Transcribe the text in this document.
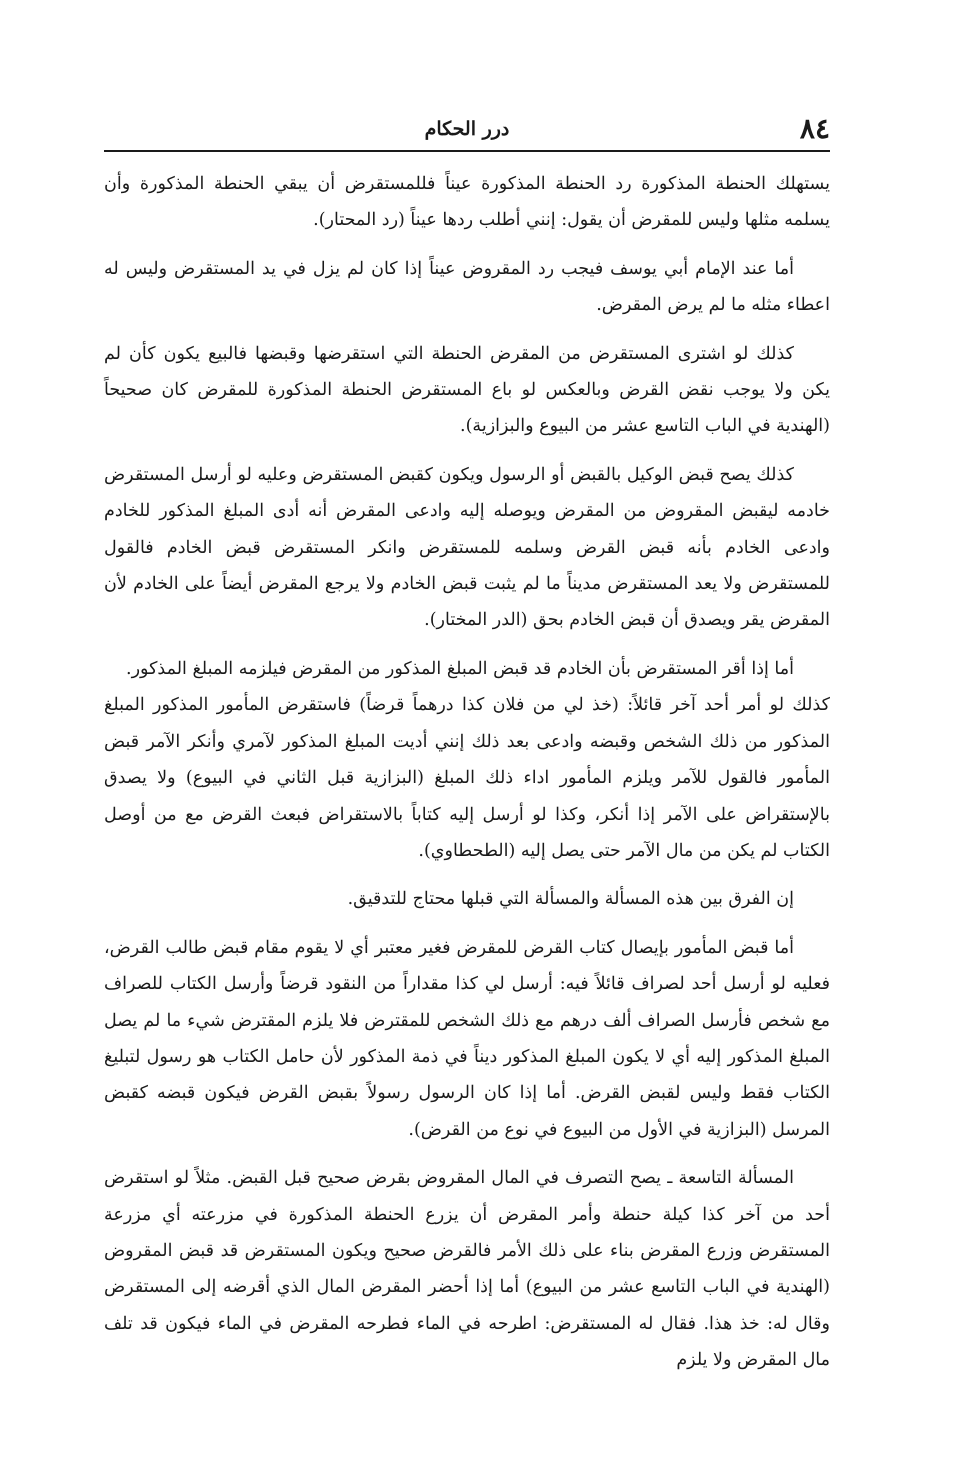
٨٤
درر الحكام

يستهلك الحنطة المذكورة رد الحنطة المذكورة عيناً فللمستقرض أن يبقي الحنطة المذكورة وأن يسلمه مثلها وليس للمقرض أن يقول: إنني أطلب ردها عيناً (رد المحتار).

أما عند الإمام أبي يوسف فيجب رد المقروض عيناً إذا كان لم يزل في يد المستقرض وليس له اعطاء مثله ما لم يرض المقرض.

كذلك لو اشترى المستقرض من المقرض الحنطة التي استقرضها وقبضها فالبيع يكون كأن لم يكن ولا يوجب نقض القرض وبالعكس لو باع المستقرض الحنطة المذكورة للمقرض كان صحيحاً (الهندية في الباب التاسع عشر من البيوع والبزازية).

كذلك يصح قبض الوكيل بالقبض أو الرسول ويكون كقبض المستقرض وعليه لو أرسل المستقرض خادمه ليقبض المقروض من المقرض ويوصله إليه وادعى المقرض أنه أدى المبلغ المذكور للخادم وادعى الخادم بأنه قبض القرض وسلمه للمستقرض وانكر المستقرض قبض الخادم فالقول للمستقرض ولا يعد المستقرض مديناً ما لم يثبت قبض الخادم ولا يرجع المقرض أيضاً على الخادم لأن المقرض يقر ويصدق أن قبض الخادم بحق (الدر المختار).

أما إذا أقر المستقرض بأن الخادم قد قبض المبلغ المذكور من المقرض فيلزمه المبلغ المذكور.

كذلك لو أمر أحد آخر قائلاً: (خذ لي من فلان كذا درهماً قرضاً) فاستقرض المأمور المذكور المبلغ المذكور من ذلك الشخص وقبضه وادعى بعد ذلك إنني أديت المبلغ المذكور لآمري وأنكر الآمر قبض المأمور فالقول للآمر ويلزم المأمور اداء ذلك المبلغ (البزازية قبل الثاني في البيوع) ولا يصدق بالإستقراض على الآمر إذا أنكر، وكذا لو أرسل إليه كتاباً بالاستقراض فبعث القرض مع من أوصل الكتاب لم يكن من مال الآمر حتى يصل إليه (الطحطاوي).

إن الفرق بين هذه المسألة والمسألة التي قبلها محتاج للتدقيق.

أما قبض المأمور بإيصال كتاب القرض للمقرض فغير معتبر أي لا يقوم مقام قبض طالب القرض، فعليه لو أرسل أحد لصراف قائلاً فيه: أرسل لي كذا مقداراً من النقود قرضاً وأرسل الكتاب للصراف مع شخص فأرسل الصراف ألف درهم مع ذلك الشخص للمقترض فلا يلزم المقترض شيء ما لم يصل المبلغ المذكور إليه أي لا يكون المبلغ المذكور ديناً في ذمة المذكور لأن حامل الكتاب هو رسول لتبليغ الكتاب فقط وليس لقبض القرض. أما إذا كان الرسول رسولاً بقبض القرض فيكون قبضه كقبض المرسل (البزازية في الأول من البيوع في نوع من القرض).

المسألة التاسعة ـ يصح التصرف في المال المقروض بقرض صحيح قبل القبض. مثلاً لو استقرض أحد من آخر كذا كيلة حنطة وأمر المقرض أن يزرع الحنطة المذكورة في مزرعته أي مزرعة المستقرض وزرع المقرض بناء على ذلك الأمر فالقرض صحيح ويكون المستقرض قد قبض المقروض (الهندية في الباب التاسع عشر من البيوع) أما إذا أحضر المقرض المال الذي أقرضه إلى المستقرض وقال له: خذ هذا. فقال له المستقرض: اطرحه في الماء فطرحه المقرض في الماء فيكون قد تلف مال المقرض ولا يلزم
